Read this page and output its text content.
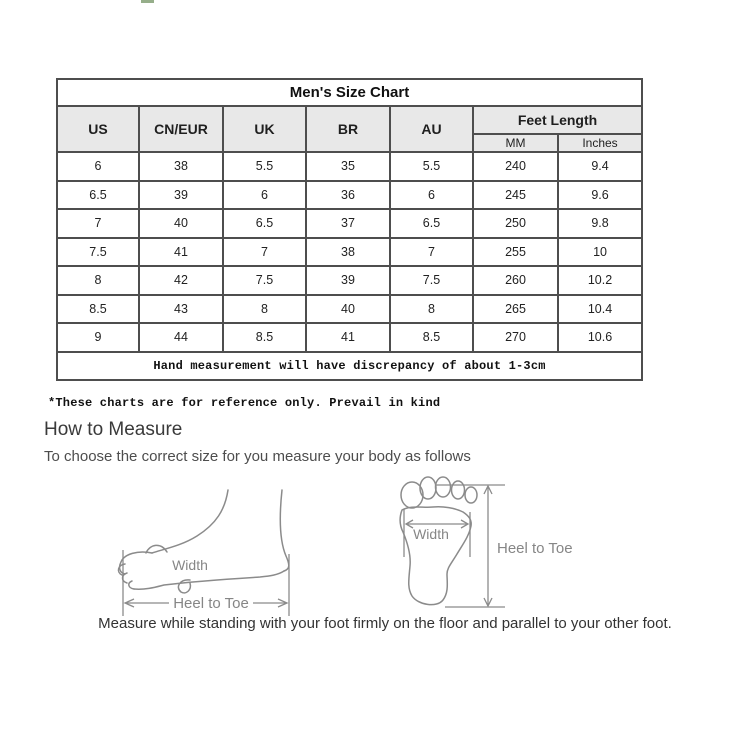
Men's Size Chart						
US	CN/EUR	UK	BR	AU	Feet Length	
					MM	Inches
6	38	5.5	35	5.5	240	9.4
6.5	39	6	36	6	245	9.6
7	40	6.5	37	6.5	250	9.8
7.5	41	7	38	7	255	10
8	42	7.5	39	7.5	260	10.2
8.5	43	8	40	8	265	10.4
9	44	8.5	41	8.5	270	10.6
Hand measurement will have discrepancy of about 1-3cm						
*These charts are for reference only. Prevail in kind
How to Measure
To choose the correct size for you measure your body as follows
Width
Heel to Toe
Width
Heel to Toe
Measure while standing with your foot firmly on the floor and parallel to your other foot.
